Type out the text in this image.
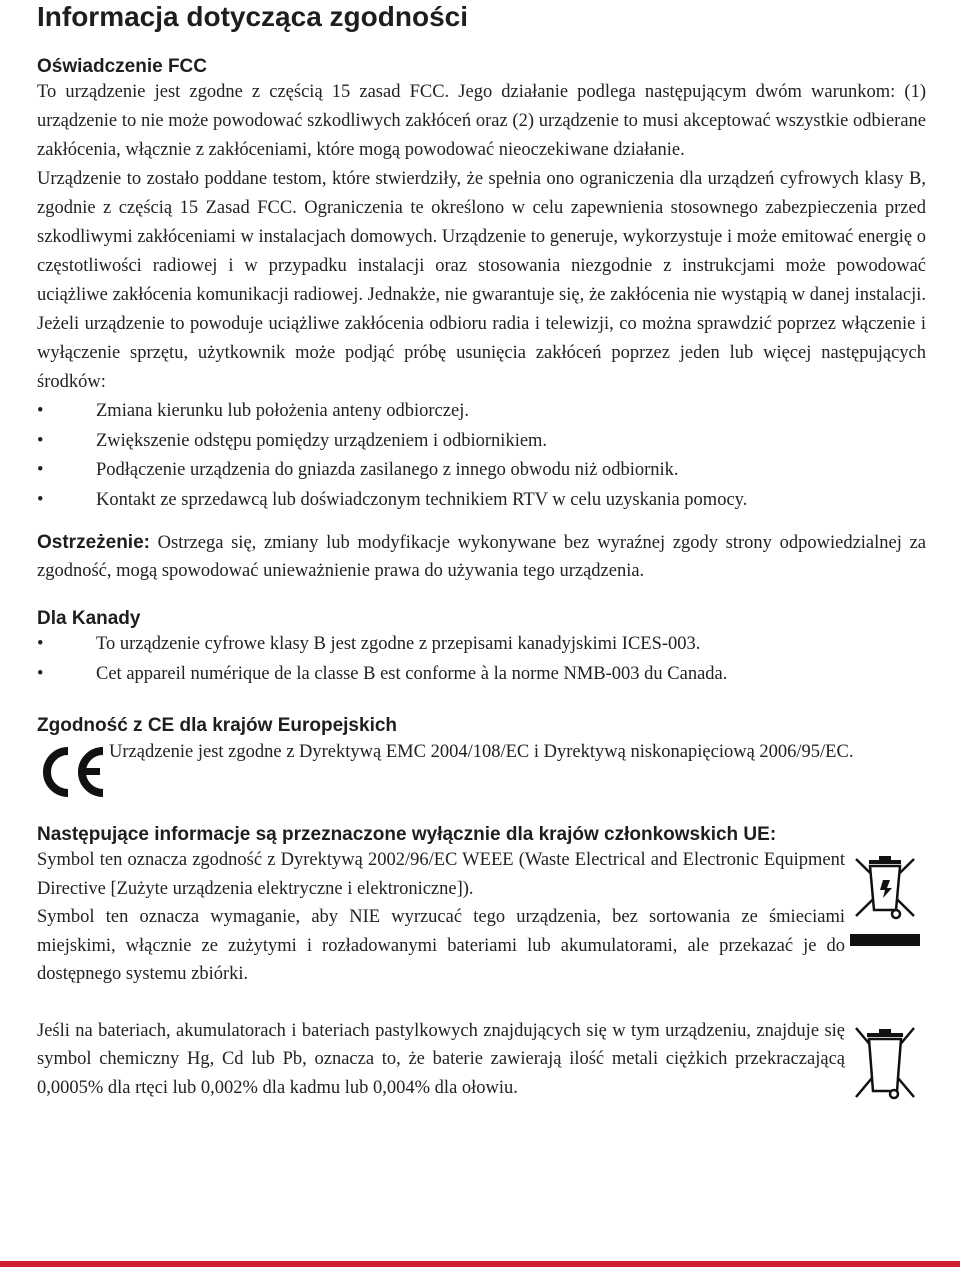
Informacja dotycząca zgodności
Oświadczenie FCC

To urządzenie jest zgodne z częścią 15 zasad FCC. Jego działanie podlega następującym dwóm warunkom: (1) urządzenie to nie może powodować szkodliwych zakłóceń oraz (2) urządzenie to musi akceptować wszystkie odbierane zakłócenia, włącznie z zakłóceniami, które mogą powodować nieoczekiwane działanie.

Urządzenie to zostało poddane testom, które stwierdziły, że spełnia ono ograniczenia dla urządzeń cyfrowych klasy B, zgodnie z częścią 15 Zasad FCC. Ograniczenia te określono w celu zapewnienia stosownego zabezpieczenia przed szkodliwymi zakłóceniami w instalacjach domowych. Urządzenie to generuje, wykorzystuje i może emitować energię o częstotliwości radiowej i w przypadku instalacji oraz stosowania niezgodnie z instrukcjami może powodować uciążliwe zakłócenia komunikacji radiowej. Jednakże, nie gwarantuje się, że zakłócenia nie wystąpią w danej instalacji. Jeżeli urządzenie to powoduje uciążliwe zakłócenia odbioru radia i telewizji, co można sprawdzić poprzez włączenie i wyłączenie sprzętu, użytkownik może podjąć próbę usunięcia zakłóceń poprzez jeden lub więcej następujących środków:

• Zmiana kierunku lub położenia anteny odbiorczej.
• Zwiększenie odstępu pomiędzy urządzeniem i odbiornikiem.
• Podłączenie urządzenia do gniazda zasilanego z innego obwodu niż odbiornik.
• Kontakt ze sprzedawcą lub doświadczonym technikiem RTV w celu uzyskania pomocy.

Ostrzeżenie: Ostrzega się, zmiany lub modyfikacje wykonywane bez wyraźnej zgody strony odpowiedzialnej za zgodność, mogą spowodować unieważnienie prawa do używania tego urządzenia.

Dla Kanady
• To urządzenie cyfrowe klasy B jest zgodne z przepisami kanadyjskimi ICES-003.
• Cet appareil numérique de la classe B est conforme à la norme NMB-003 du Canada.
Zgodność z CE dla krajów Europejskich

Urządzenie jest zgodne z Dyrektywą EMC 2004/108/EC i Dyrektywą niskonapięciową 2006/95/EC.

Następujące informacje są przeznaczone wyłącznie dla krajów członkowskich UE:

Symbol ten oznacza zgodność z Dyrektywą 2002/96/EC WEEE (Waste Electrical and Electronic Equipment Directive [Zużyte urządzenia elektryczne i elektroniczne]).

Symbol ten oznacza wymaganie, aby NIE wyrzucać tego urządzenia, bez sortowania ze śmieciami miejskimi, włącznie ze zużytymi i rozładowanymi bateriami lub akumulatorami, ale przekazać je do dostępnego systemu zbiórki.

Jeśli na bateriach, akumulatorach i bateriach pastylkowych znajdujących się w tym urządzeniu, znajduje się symbol chemiczny Hg, Cd lub Pb, oznacza to, że baterie zawierają ilość metali ciężkich przekraczającą 0,0005% dla rtęci lub 0,002% dla kadmu lub 0,004% dla ołowiu.
